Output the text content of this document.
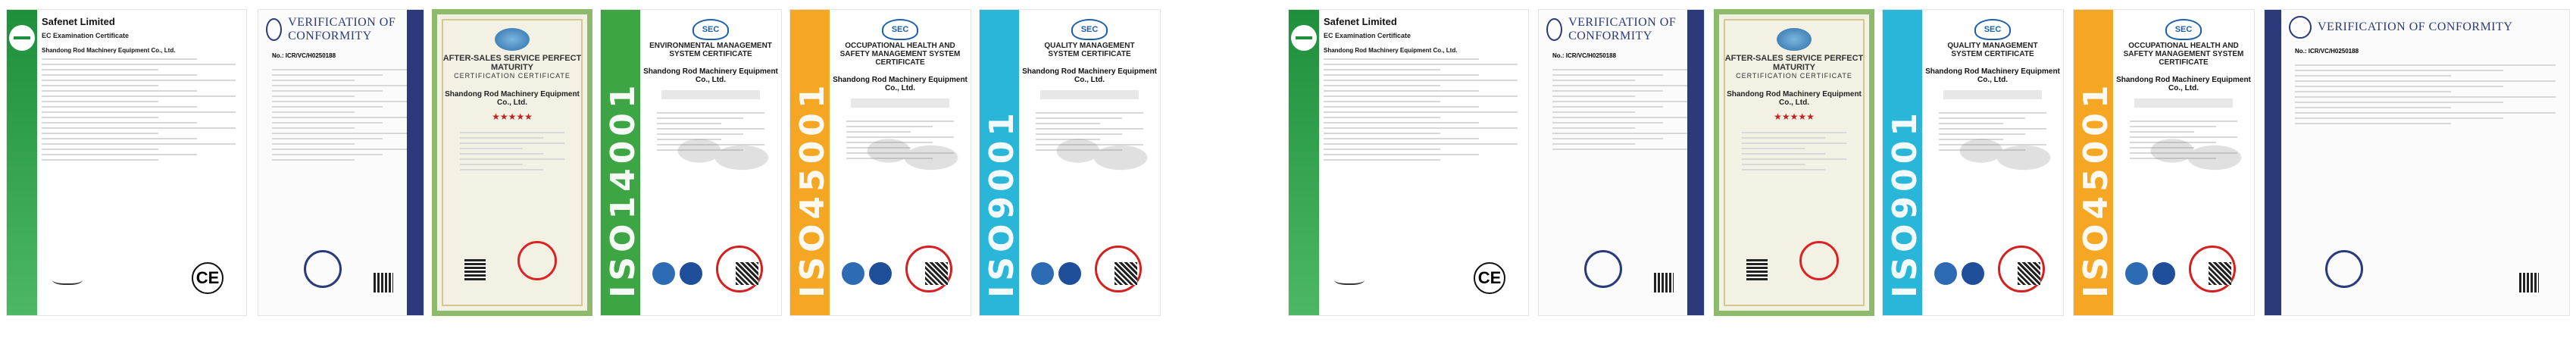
Safenet Limited
EC Examination Certificate
Shandong Rod Machinery Equipment Co., Ltd.
CE
VERIFICATION OF CONFORMITY
No.: ICR/VC/H0250188	AFTER-SALES SERVICE PERFECT MATURITY
CERTIFICATION CERTIFICATE
Shandong Rod Machinery Equipment Co., Ltd.
★★★★★	ISO14001
SEC
ENVIRONMENTAL MANAGEMENT SYSTEM CERTIFICATE
Shandong Rod Machinery Equipment Co., Ltd.
ISO45001
SEC
OCCUPATIONAL HEALTH AND SAFETY MANAGEMENT SYSTEM CERTIFICATE
Shandong Rod Machinery Equipment Co., Ltd.
ISO9001
SEC
QUALITY MANAGEMENT SYSTEM CERTIFICATE
Shandong Rod Machinery Equipment Co., Ltd.
Safenet Limited
EC Examination Certificate
Shandong Rod Machinery Equipment Co., Ltd.
CE
VERIFICATION OF CONFORMITY
No.: ICR/VC/H0250188	AFTER-SALES SERVICE PERFECT MATURITY
CERTIFICATION CERTIFICATE
Shandong Rod Machinery Equipment Co., Ltd.
★★★★★	ISO9001
SEC
QUALITY MANAGEMENT SYSTEM CERTIFICATE
Shandong Rod Machinery Equipment Co., Ltd.
ISO45001
SEC
OCCUPATIONAL HEALTH AND SAFETY MANAGEMENT SYSTEM CERTIFICATE
Shandong Rod Machinery Equipment Co., Ltd.
VERIFICATION OF CONFORMITY
No.: ICR/VC/H0250188
